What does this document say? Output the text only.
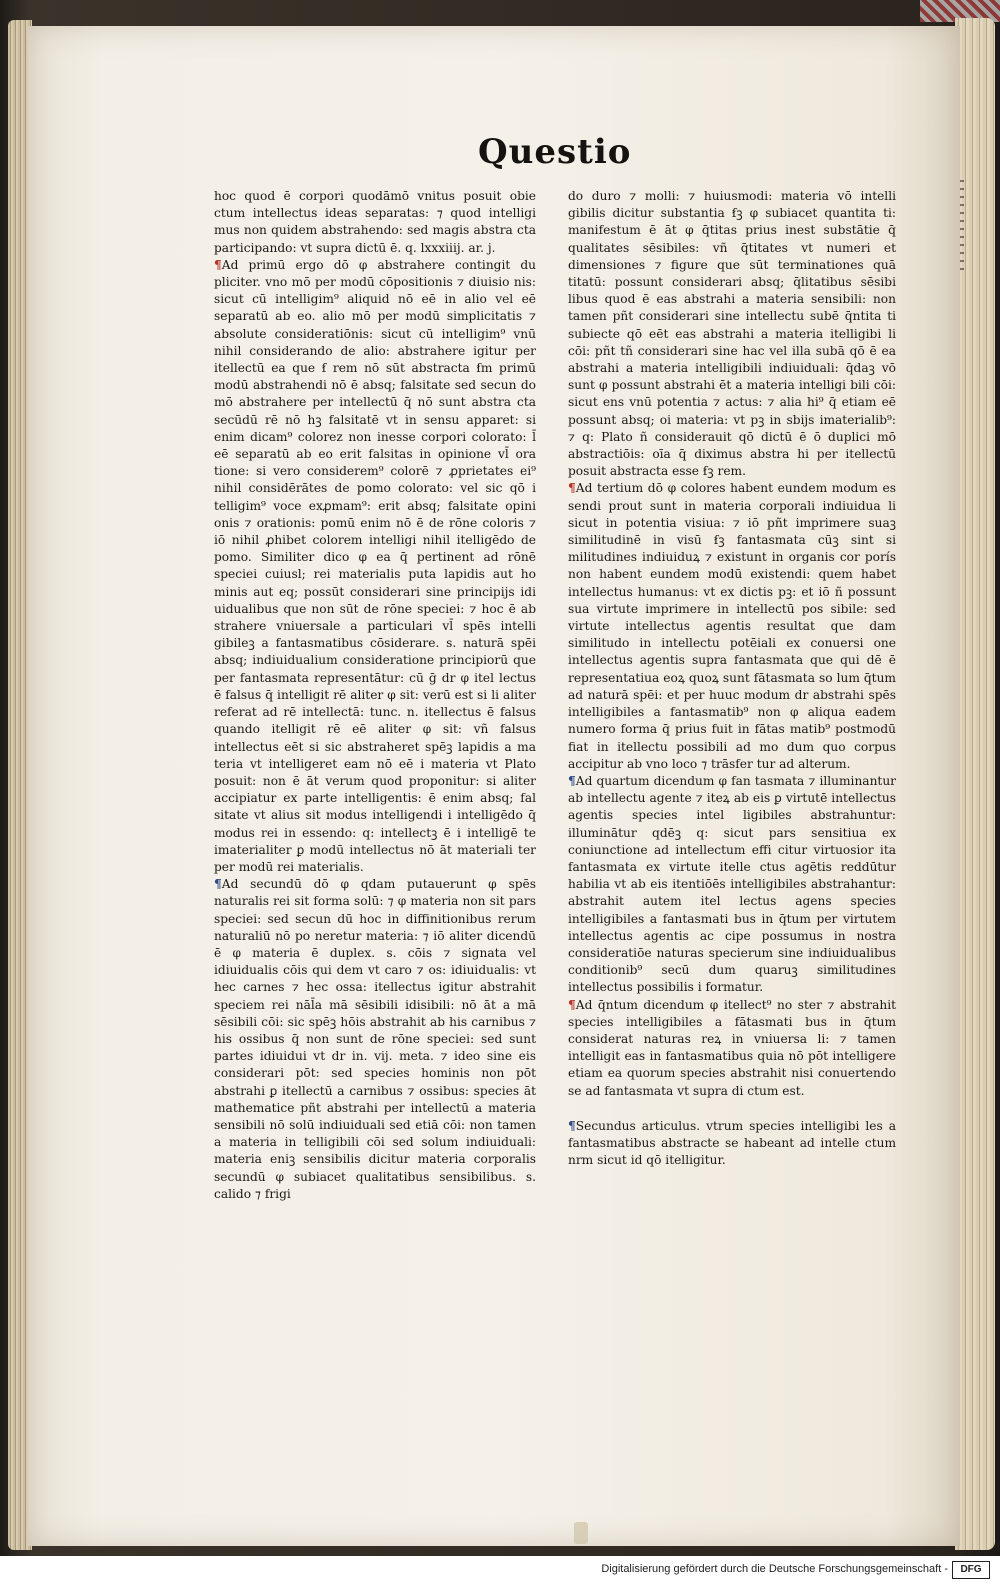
Questio

hoc quod ē corpori quodāmō vnitus posuit obie ctum intellectus ideas separatas: ⁊ quod intelligi mus non quidem abstrahendo: sed magis abstra cta participando: vt supra dictū ē. q. lxxxiiij. ar. j.

¶Ad primū ergo dō φ abstrahere contingit du pliciter. vno mō per modū cōpositionis ⁊ diuisio nis: sicut cū intelligim⁹ aliquid nō eē in alio vel eē separatū ab eo. alio mō per modū simplicitatis ⁊ absolute consideratiōnis: sicut cū intelligim⁹ vnū nihil considerando de alio: abstrahere igitur per itellectū ea que ẜ rem nō sūt abstracta ẜm primū modū abstrahendi nō ē absq; falsitate sed secun do mō abstrahere per intellectū q̄ nō sunt abstra cta secūdū rē nō hꝫ falsitatē vt in sensu apparet: si enim dicam⁹ colorez non inesse corpori colorato: l̄ eē separatū ab eo erit falsitas in opinione vl̄ ora tione: si vero considerem⁹ colorē ⁊ ꝓprietates ei⁹ nihil considērātes de pomo colorato: vel sic qō i telligim⁹ voce exꝓmam⁹: erit absq; falsitate opini onis ⁊ orationis: pomū enim nō ē de rōne coloris ⁊ iō nihil ꝓhibet colorem intelligi nihil itelligēdo de pomo. Similiter dico φ ea q̄ pertinent ad rōnē speciei cuiusl; rei materialis puta lapidis aut ho minis aut eq; possūt considerari sine principijs idi uidualibus que non sūt de rōne speciei: ⁊ hoc ē ab strahere vniuersale a particulari vl̄ spēs intelli gibileꝫ a fantasmatibus cōsiderare. s. naturā spēi absq; indiuidualium consideratione principiorū que per fantasmata representātur: cū ḡ dr φ itel lectus ē falsus q̄ intelligit rē aliter φ sit: verū est si li aliter referat ad rē intellectā: tunc. n. itellectus ē falsus quando itelligit rē eē aliter φ sit: vñ falsus intellectus eēt si sic abstraheret spēꝫ lapidis a ma teria vt intelligeret eam nō eē i materia vt Plato posuit: non ē āt verum quod proponitur: si aliter accipiatur ex parte intelligentis: ē enim absq; fal sitate vt alius sit modus intelligendi i intelligēdo q̄ modus rei in essendo: q: intellectꝫ ē i intelligē te imaterialiter ꝑ modū intellectus nō āt materiali ter per modū rei materialis.

¶Ad secundū dō φ qdam putauerunt φ spēs naturalis rei sit forma solū: ⁊ φ materia non sit pars speciei: sed secun dū hoc in diffinitionibus rerum naturaliū nō po neretur materia: ⁊ iō aliter dicendū ē φ materia ē duplex. s. cōis ⁊ signata vel idiuidualis cōis qui dem vt caro ⁊ os: idiuidualis: vt hec carnes ⁊ hec ossa: itellectus igitur abstrahit speciem rei nāl̄a mā sēsibili idisibili: nō āt a mā sēsibili cōi: sic spēꝫ hōis abstrahit ab his carnibus ⁊ his ossibus q̄ non sunt de rōne speciei: sed sunt partes idiuidui vt dr in. vij. meta. ⁊ ideo sine eis considerari pōt: sed species hominis non pōt abstrahi ꝑ itellectū a carnibus ⁊ ossibus: species āt mathematice pñt abstrahi per intellectū a materia sensibili nō solū indiuiduali sed etiā cōi: non tamen a materia in telligibili cōi sed solum indiuiduali: materia eniꝫ sensibilis dicitur materia corporalis secundū φ subiacet qualitatibus sensibilibus. s. calido ⁊ frigi

do duro ⁊ molli: ⁊ huiusmodi: materia vō intelli gibilis dicitur substantia ẜꝫ φ subiacet quantita ti: manifestum ē āt φ q̄titas prius inest substātie q̄ qualitates sēsibiles: vñ q̄titates vt numeri et dimensiones ⁊ figure que sūt terminationes quā titatū: possunt considerari absq; q̄litatibus sēsibi libus quod ē eas abstrahi a materia sensibili: non tamen pñt considerari sine intellectu subē q̄ntita ti subiecte qō eēt eas abstrahi a materia itelligibi li cōi: pñt tñ considerari sine hac vel illa subā qō ē ea abstrahi a materia intelligibili indiuiduali: q̄daꝫ vō sunt φ possunt abstrahi ēt a materia intelligi bili cōi: sicut ens vnū potentia ⁊ actus: ⁊ alia hi⁹ q̄ etiam eē possunt absq; oi materia: vt pꝫ in sbijs imaterialib⁹: ⁊ q: Plato ñ considerauit qō dictū ē ō duplici mō abstractiōis: oīa q̄ diximus abstra hi per itellectū posuit abstracta esse ẜꝫ rem.

¶Ad tertium dō φ colores habent eundem modum es sendi prout sunt in materia corporali indiuidua li sicut in potentia visiua: ⁊ iō pñt imprimere suaꝫ similitudinē in visū ẜꝫ fantasmata cūꝫ sint si militudines indiuiduꝝ ⁊ existunt in organis cor porís non habent eundem modū existendi: quem habet intellectus humanus: vt ex dictis pꝫ: et iō ñ possunt sua virtute imprimere in intellectū pos sibile: sed virtute intellectus agentis resultat que dam similitudo in intellectu potēiali ex conuersi one intellectus agentis supra fantasmata que qui dē ē representatiua eoꝝ quoꝝ sunt fātasmata so lum q̄tum ad naturā spēi: et per huuc modum dr abstrahi spēs intelligibiles a fantasmatib⁹ non φ aliqua eadem numero forma q̄ prius fuit in fātas matib⁹ postmodū fiat in itellectu possibili ad mo dum quo corpus accipitur ab vno loco ⁊ trāsfer tur ad alterum.

¶Ad quartum dicendum φ fan tasmata ⁊ illuminantur ab intellectu agente ⁊ iteꝝ ab eis ꝑ virtutē intellectus agentis species intel ligibiles abstrahuntur: illuminātur qdēꝫ q: sicut pars sensitiua ex coniunctione ad intellectum effi citur virtuosior ita fantasmata ex virtute itelle ctus agētis reddūtur habilia vt ab eis itentiōēs intelligibiles abstrahantur: abstrahit autem itel lectus agens species intelligibiles a fantasmati bus in q̄tum per virtutem intellectus agentis ac cipe possumus in nostra consideratiōe naturas specierum sine indiuidualibus conditionib⁹ secū dum quaruꝫ similitudines intellectus possibilis i formatur.

¶Ad q̄ntum dicendum φ itellect⁹ no ster ⁊ abstrahit species intelligibiles a fātasmati bus in q̄tum considerat naturas reꝝ in vniuersa li: ⁊ tamen intelligit eas in fantasmatibus quia nō pōt intelligere etiam ea quorum species abstrahit nisi conuertendo se ad fantasmata vt supra di ctum est.

¶Secundus articulus. vtrum species intelligibi les a fantasmatibus abstracte se habeant ad intelle ctum nrm sicut id qō itelligitur.

Digitalisierung gefördert durch die Deutsche Forschungsgemeinschaft -	DFG
